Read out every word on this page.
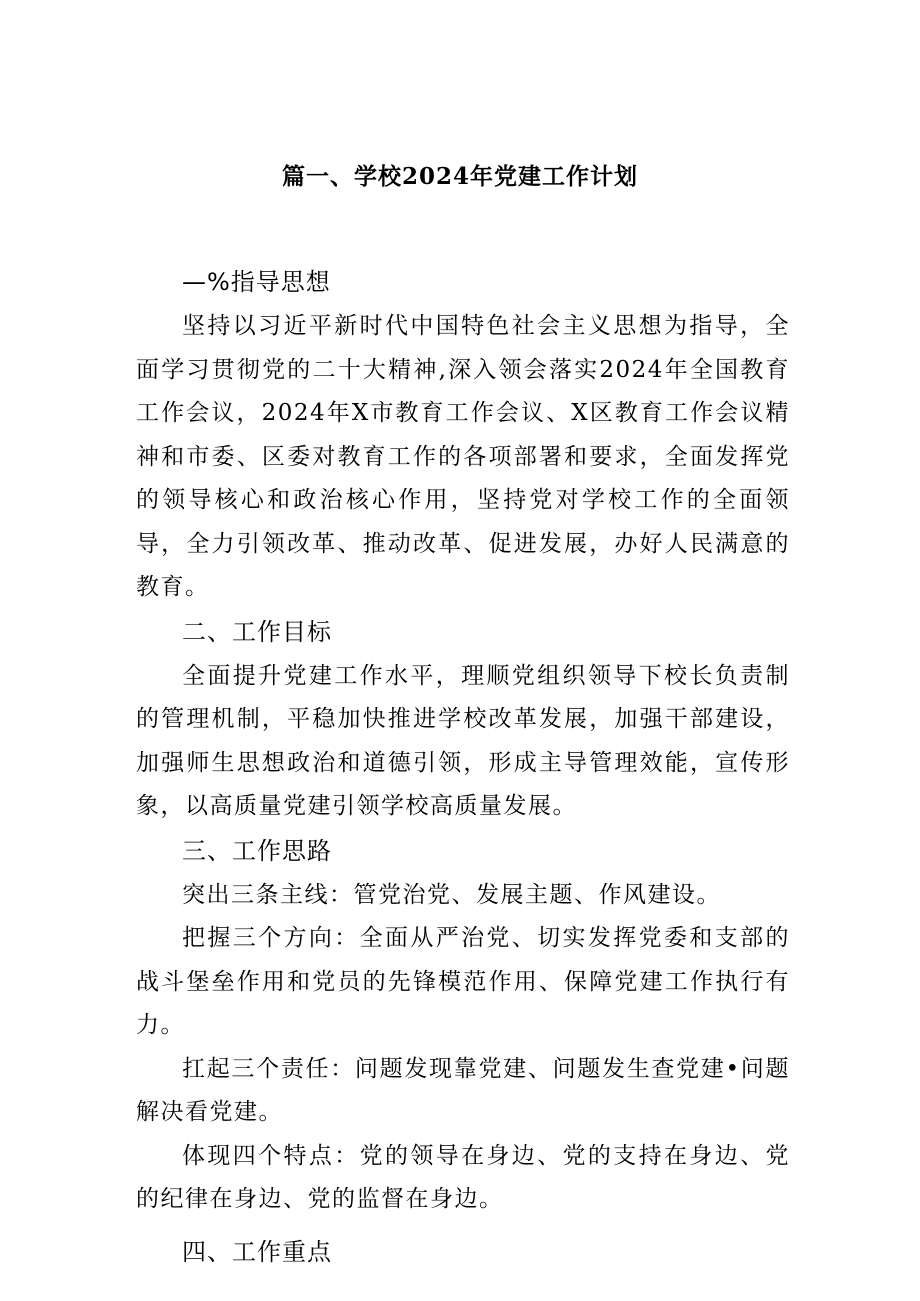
篇一、学校2024年党建工作计划
—%指导思想

坚持以习近平新时代中国特色社会主义思想为指导，全面学习贯彻党的二十大精神,深入领会落实2024年全国教育工作会议，2024年X市教育工作会议、X区教育工作会议精神和市委、区委对教育工作的各项部署和要求，全面发挥党的领导核心和政治核心作用，坚持党对学校工作的全面领导，全力引领改革、推动改革、促进发展，办好人民满意的教育。

二、工作目标

全面提升党建工作水平，理顺党组织领导下校长负责制的管理机制，平稳加快推进学校改革发展，加强干部建设，加强师生思想政治和道德引领，形成主导管理效能，宣传形象，以高质量党建引领学校高质量发展。

三、工作思路

突出三条主线：管党治党、发展主题、作风建设。

把握三个方向：全面从严治党、切实发挥党委和支部的战斗堡垒作用和党员的先锋模范作用、保障党建工作执行有力。

扛起三个责任：问题发现靠党建、问题发生查党建•问题解决看党建。

体现四个特点：党的领导在身边、党的支持在身边、党的纪律在身边、党的监督在身边。

四、工作重点
